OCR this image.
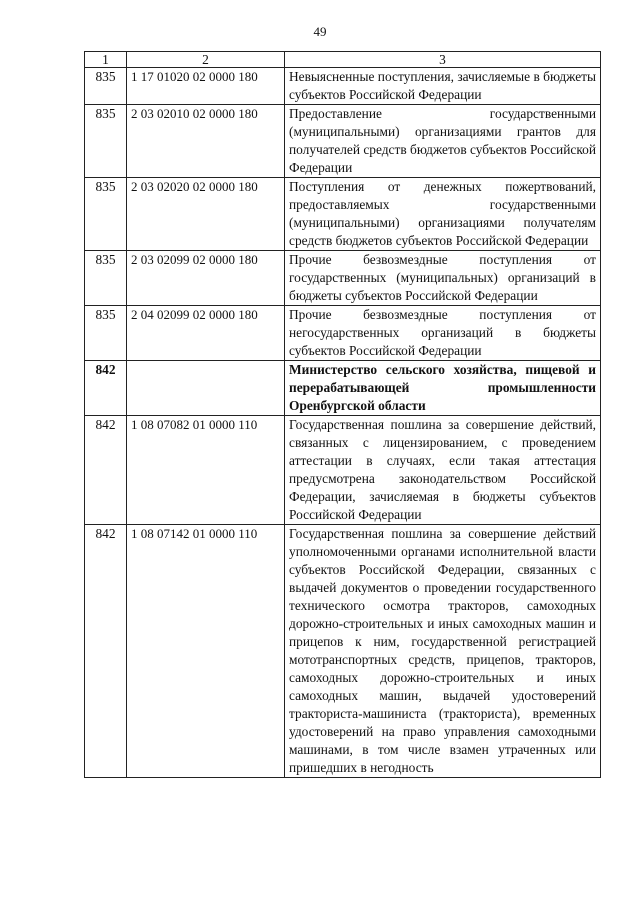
49
1	2	3
835	1 17 01020 02 0000 180	Невыясненные поступления, зачисляемые в бюджеты субъектов Российской Федерации
835	2 03 02010 02 0000 180	Предоставление государственными (муниципальными) организациями грантов для получателей средств бюджетов субъектов Российской Федерации
835	2 03 02020 02 0000 180	Поступления от денежных пожертвований, предоставляемых государственными (муниципальными) организациями получателям средств бюджетов субъектов Российской Федерации
835	2 03 02099 02 0000 180	Прочие безвозмездные поступления от государственных (муниципальных) организаций в бюджеты субъектов Российской Федерации
835	2 04 02099 02 0000 180	Прочие безвозмездные поступления от негосударственных организаций в бюджеты субъектов Российской Федерации
842		Министерство сельского хозяйства, пищевой и перерабатывающей промышленности Оренбургской области
842	1 08 07082 01 0000 110	Государственная пошлина за совершение действий, связанных с лицензированием, с проведением аттестации в случаях, если такая аттестация предусмотрена законодательством Российской Федерации, зачисляемая в бюджеты субъектов Российской Федерации
842	1 08 07142 01 0000 110	Государственная пошлина за совершение действий уполномоченными органами исполнительной власти субъектов Российской Федерации, связанных с выдачей документов о проведении государственного технического осмотра тракторов, самоходных дорожно-строительных и иных самоходных машин и прицепов к ним, государственной регистрацией мототранспортных средств, прицепов, тракторов, самоходных дорожно-строительных и иных самоходных машин, выдачей удостоверений тракториста-машиниста (тракториста), временных удостоверений на право управления самоходными машинами, в том числе взамен утраченных или пришедших в негодность
